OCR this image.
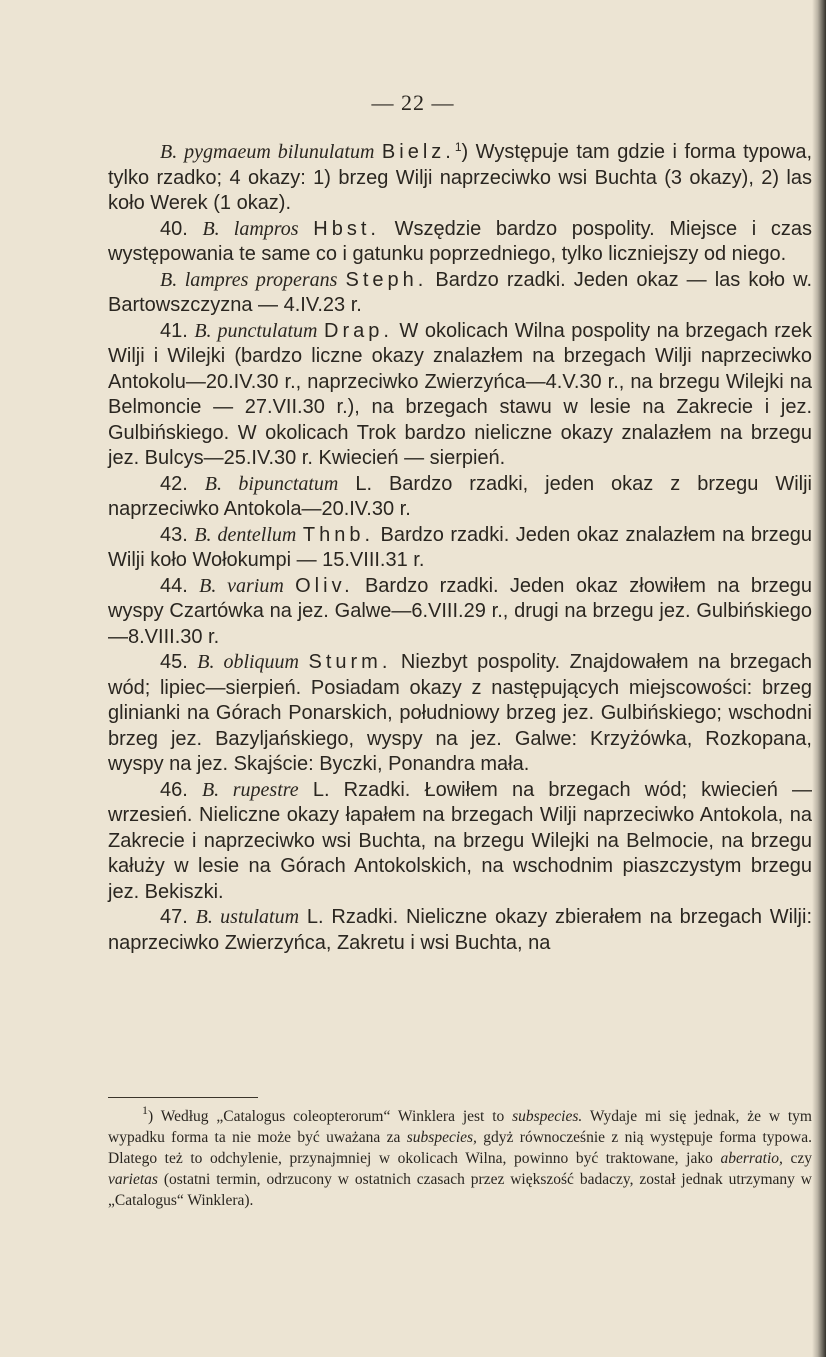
— 22 —

B. pygmaeum bilunulatum Bielz.$^1$) Występuje tam gdzie i forma typowa, tylko rzadko; 4 okazy: 1) brzeg Wilji naprzeciwko wsi Buchta (3 okazy), 2) las koło Werek (1 okaz).

40. B. lampros Hbst. Wszędzie bardzo pospolity. Miejsce i czas występowania te same co i gatunku poprzedniego, tylko liczniejszy od niego.

B. lampres properans Steph. Bardzo rzadki. Jeden okaz — las koło w. Bartowszczyzna — 4.IV.23 r.

41. B. punctulatum Drap. W okolicach Wilna pospolity na brzegach rzek Wilji i Wilejki (bardzo liczne okazy znalazłem na brzegach Wilji naprzeciwko Antokolu—20.IV.30 r., naprzeciwko Zwierzyńca—4.V.30 r., na brzegu Wilejki na Belmoncie — 27.VII.30 r.), na brzegach stawu w lesie na Zakrecie i jez. Gulbińskiego. W okolicach Trok bardzo nieliczne okazy znalazłem na brzegu jez. Bulcys—25.IV.30 r. Kwiecień — sierpień.

42. B. bipunctatum L. Bardzo rzadki, jeden okaz z brzegu Wilji naprzeciwko Antokola—20.IV.30 r.

43. B. dentellum Thnb. Bardzo rzadki. Jeden okaz znalazłem na brzegu Wilji koło Wołokumpi — 15.VIII.31 r.

44. B. varium Oliv. Bardzo rzadki. Jeden okaz złowiłem na brzegu wyspy Czartówka na jez. Galwe—6.VIII.29 r., drugi na brzegu jez. Gulbińskiego—8.VIII.30 r.

45. B. obliquum Sturm. Niezbyt pospolity. Znajdowałem na brzegach wód; lipiec—sierpień. Posiadam okazy z następujących miejscowości: brzeg glinianki na Górach Ponarskich, południowy brzeg jez. Gulbińskiego; wschodni brzeg jez. Bazyljańskiego, wyspy na jez. Galwe: Krzyżówka, Rozkopana, wyspy na jez. Skajście: Byczki, Ponandra mała.

46. B. rupestre L. Rzadki. Łowiłem na brzegach wód; kwiecień — wrzesień. Nieliczne okazy łapałem na brzegach Wilji naprzeciwko Antokola, na Zakrecie i naprzeciwko wsi Buchta, na brzegu Wilejki na Belmocie, na brzegu kałuży w lesie na Górach Antokolskich, na wschodnim piaszczystym brzegu jez. Bekiszki.

47. B. ustulatum L. Rzadki. Nieliczne okazy zbierałem na brzegach Wilji: naprzeciwko Zwierzyńca, Zakretu i wsi Buchta, na

$^1$) Według „Catalogus coleopterorum“ Winklera jest to subspecies. Wydaje mi się jednak, że w tym wypadku forma ta nie może być uważana za subspecies, gdyż równocześnie z nią występuje forma typowa. Dlatego też to odchylenie, przynajmniej w okolicach Wilna, powinno być traktowane, jako aberratio, czy varietas (ostatni termin, odrzucony w ostatnich czasach przez większość badaczy, został jednak utrzymany w „Catalogus“ Winklera).
